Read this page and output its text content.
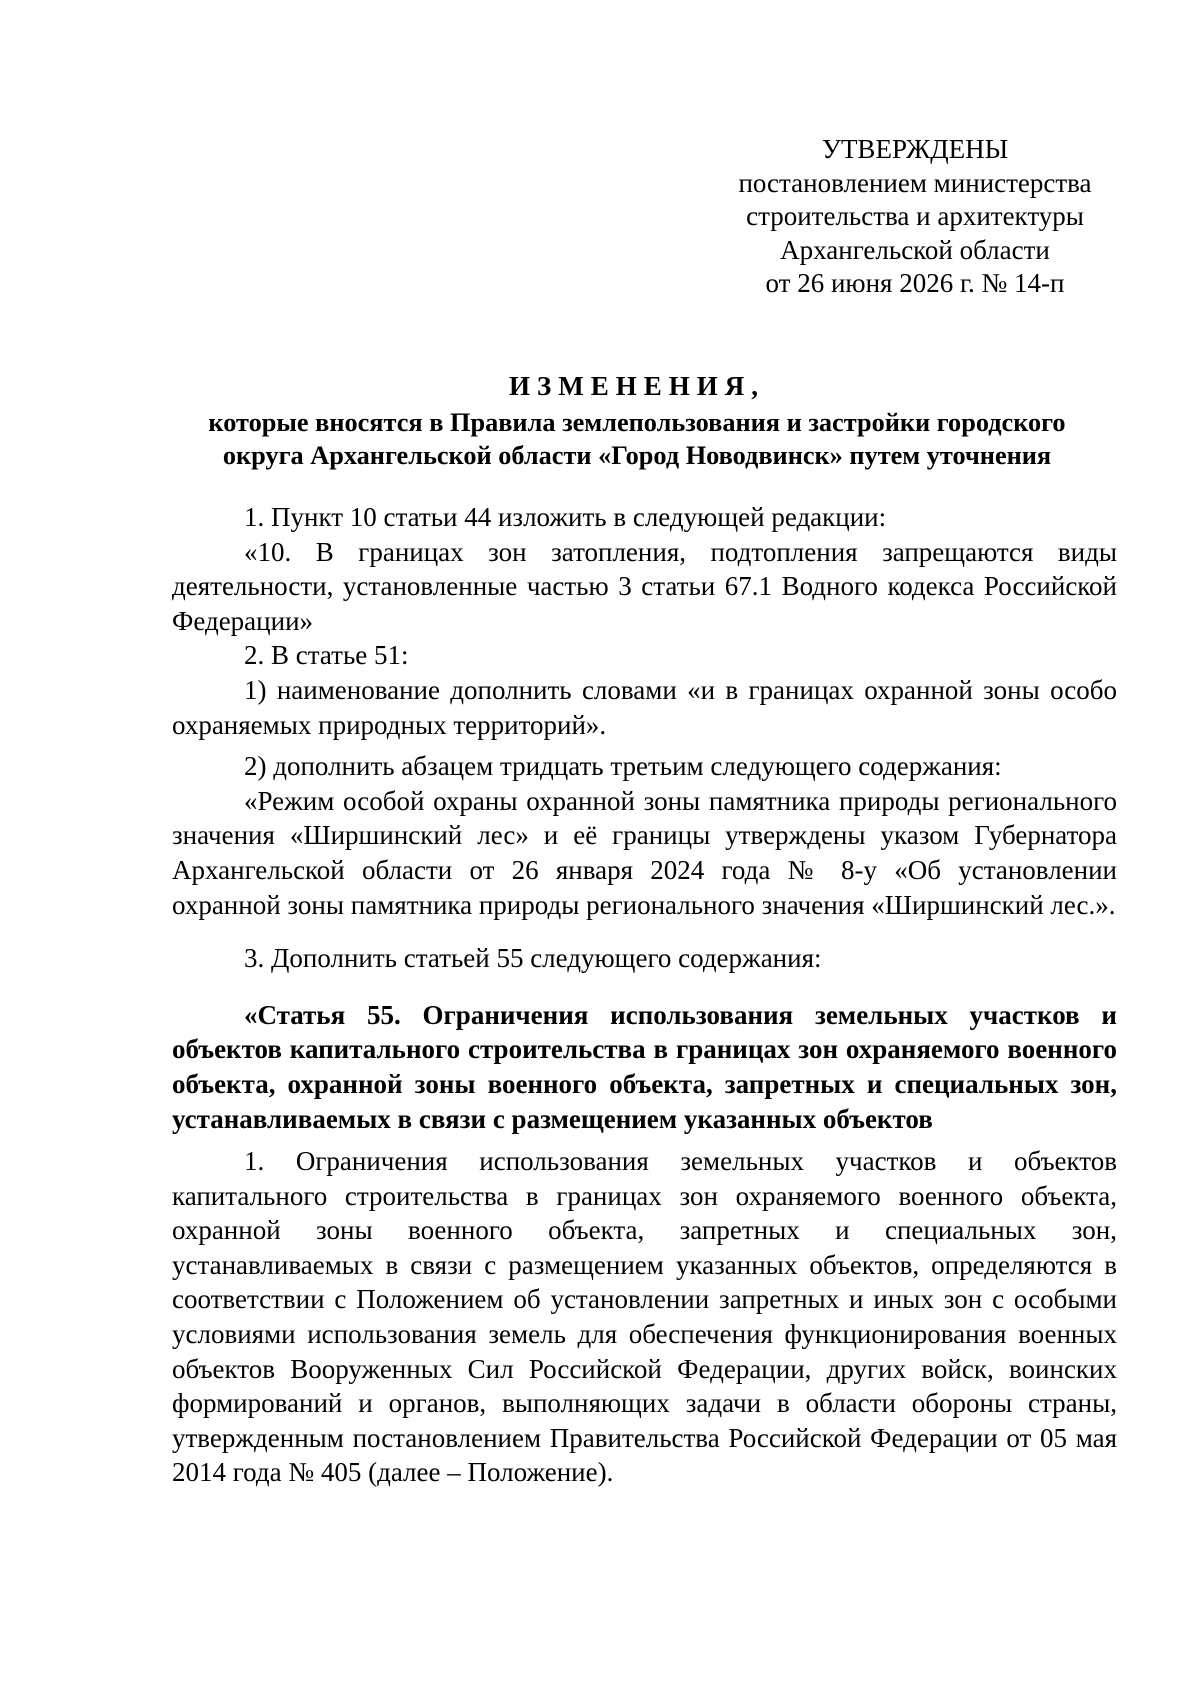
УТВЕРЖДЕНЫ
постановлением министерства
строительства и архитектуры
Архангельской области
от 26 июня 2026 г. № 14-п
ИЗМЕНЕНИЯ,
которые вносятся в Правила землепользования и застройки городского
округа Архангельской области «Город Новодвинск» путем уточнения

1. Пункт 10 статьи 44 изложить в следующей редакции:

«10. В границах зон затопления, подтопления запрещаются виды деятельности, установленные частью 3 статьи 67.1 Водного кодекса Российской Федерации»

2. В статье 51:

1) наименование дополнить словами «и в границах охранной зоны особо охраняемых природных территорий».

2) дополнить абзацем тридцать третьим следующего содержания:

«Режим особой охраны охранной зоны памятника природы регионального значения «Ширшинский лес» и её границы утверждены указом Губернатора Архангельской области от 26 января 2024 года № 8-у «Об установлении охранной зоны памятника природы регионального значения «Ширшинский лес.».

3. Дополнить статьей 55 следующего содержания:

«Статья 55. Ограничения использования земельных участков и объектов капитального строительства в границах зон охраняемого военного объекта, охранной зоны военного объекта, запретных и специальных зон, устанавливаемых в связи с размещением указанных объектов

1. Ограничения использования земельных участков и объектов капитального строительства в границах зон охраняемого военного объекта, охранной зоны военного объекта, запретных и специальных зон, устанавливаемых в связи с размещением указанных объектов, определяются в соответствии с Положением об установлении запретных и иных зон с особыми условиями использования земель для обеспечения функционирования военных объектов Вооруженных Сил Российской Федерации, других войск, воинских формирований и органов, выполняющих задачи в области обороны страны, утвержденным постановлением Правительства Российской Федерации от 05 мая 2014 года № 405 (далее – Положение).
